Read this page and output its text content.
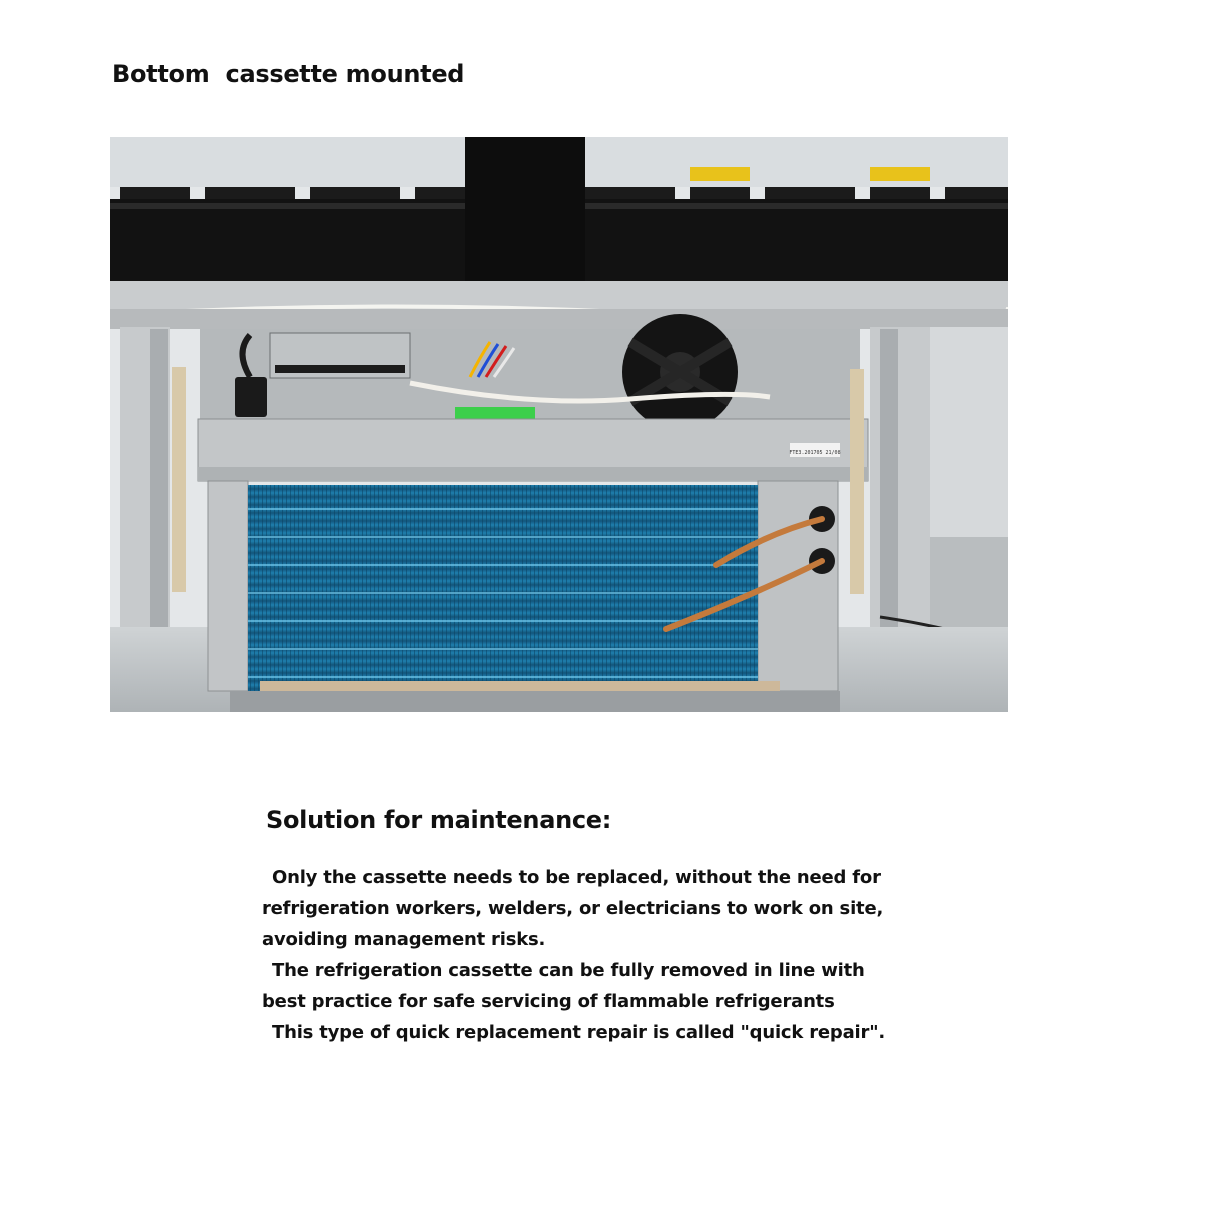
Bottom  cassette mounted
FTE3.201705 21/08
Solution for maintenance:

Only the cassette needs to be replaced, without the need for

refrigeration workers, welders, or electricians to work on site,

avoiding management risks.

The refrigeration cassette can be fully removed in line with

best practice for safe servicing of flammable refrigerants

This type of quick replacement repair is called "quick repair".
